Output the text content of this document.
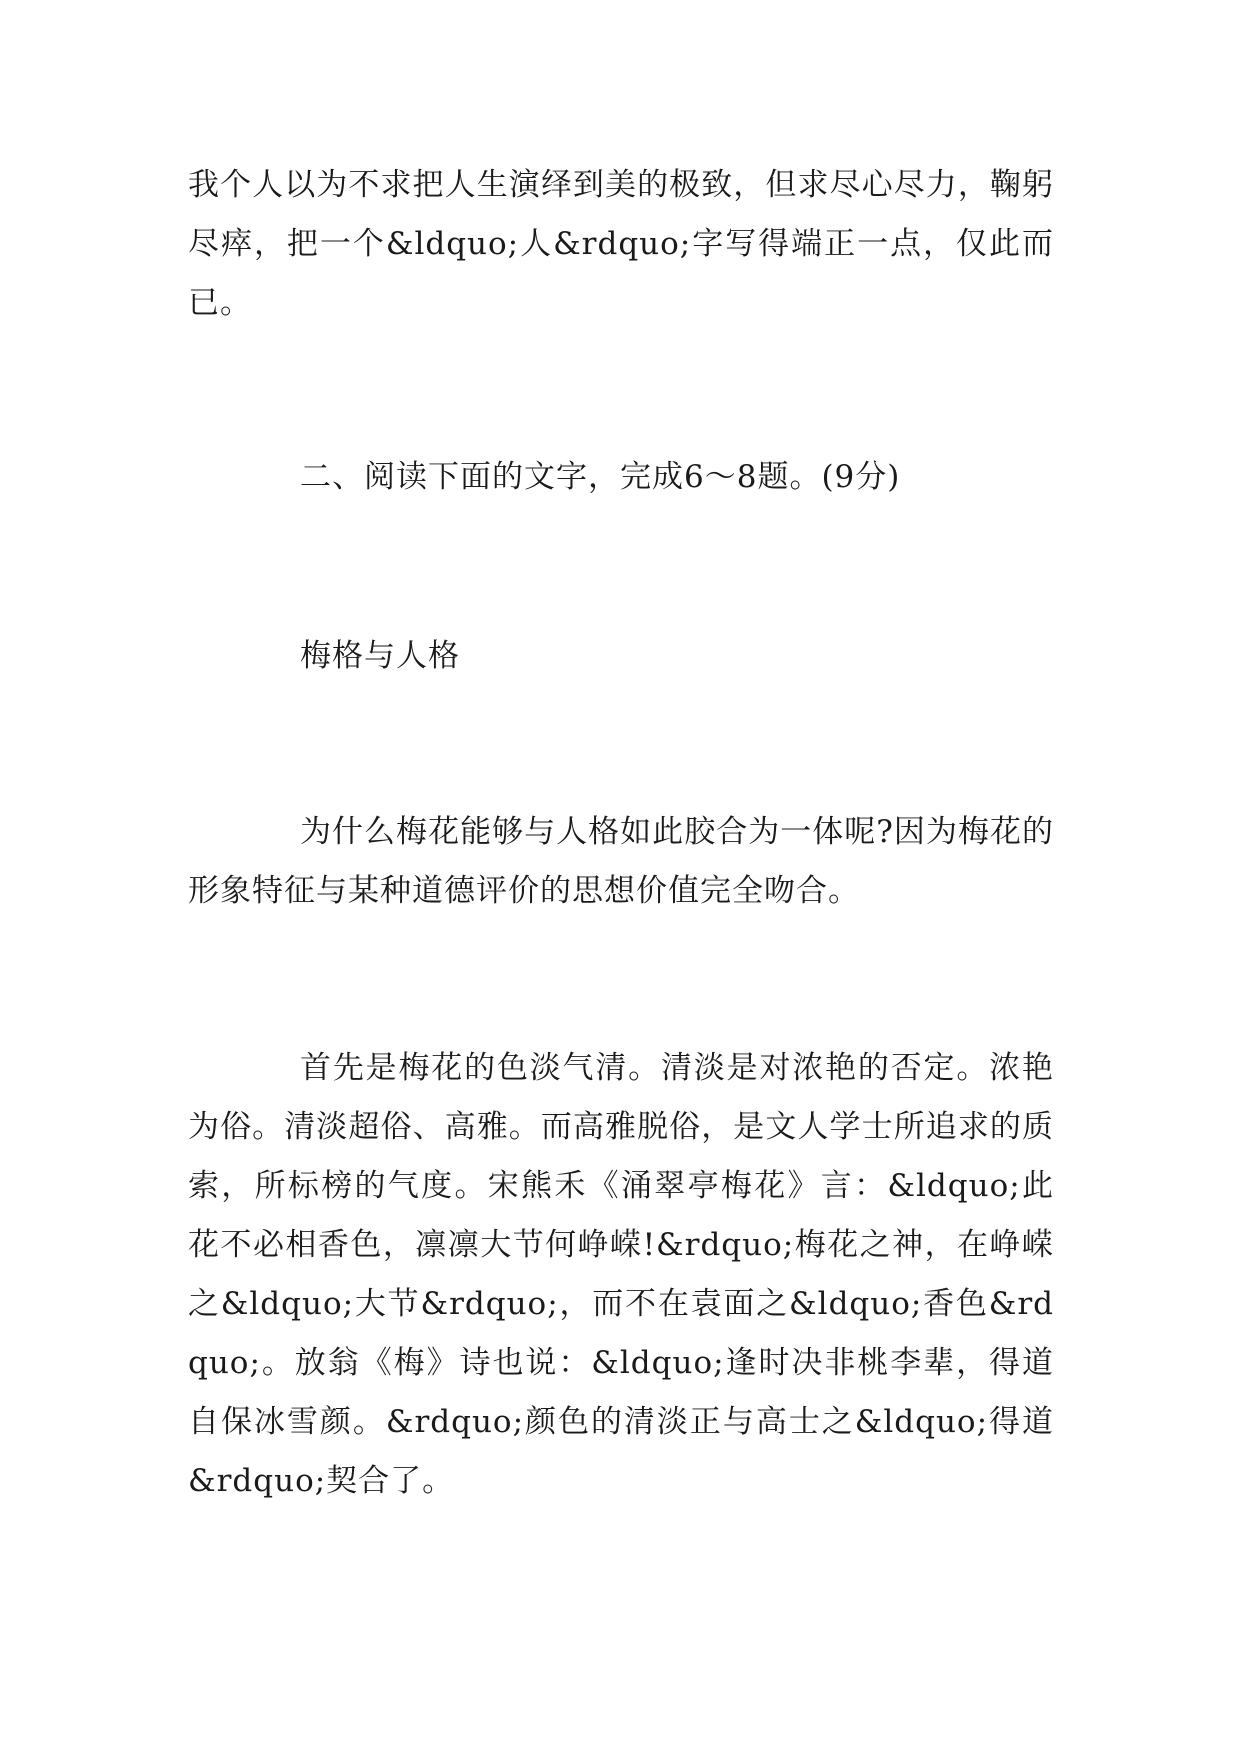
我个人以为不求把人生演绎到美的极致，但求尽心尽力，鞠躬尽瘁，把一个&ldquo;人&rdquo;字写得端正一点，仅此而已。

二、阅读下面的文字，完成6～8题。(9分)

梅格与人格

为什么梅花能够与人格如此胶合为一体呢?因为梅花的形象特征与某种道德评价的思想价值完全吻合。

首先是梅花的色淡气清。清淡是对浓艳的否定。浓艳为俗。清淡超俗、高雅。而高雅脱俗，是文人学士所追求的质索，所标榜的气度。宋熊禾《涌翠亭梅花》言：&ldquo;此花不必相香色，凛凛大节何峥嵘!&rdquo;梅花之神，在峥嵘之&ldquo;大节&rdquo;，而不在袁面之&ldquo;香色&rdquo;。放翁《梅》诗也说：&ldquo;逢时决非桃李辈，得道自保冰雪颜。&rdquo;颜色的清淡正与高士之&ldquo;得道&rdquo;契合了。
